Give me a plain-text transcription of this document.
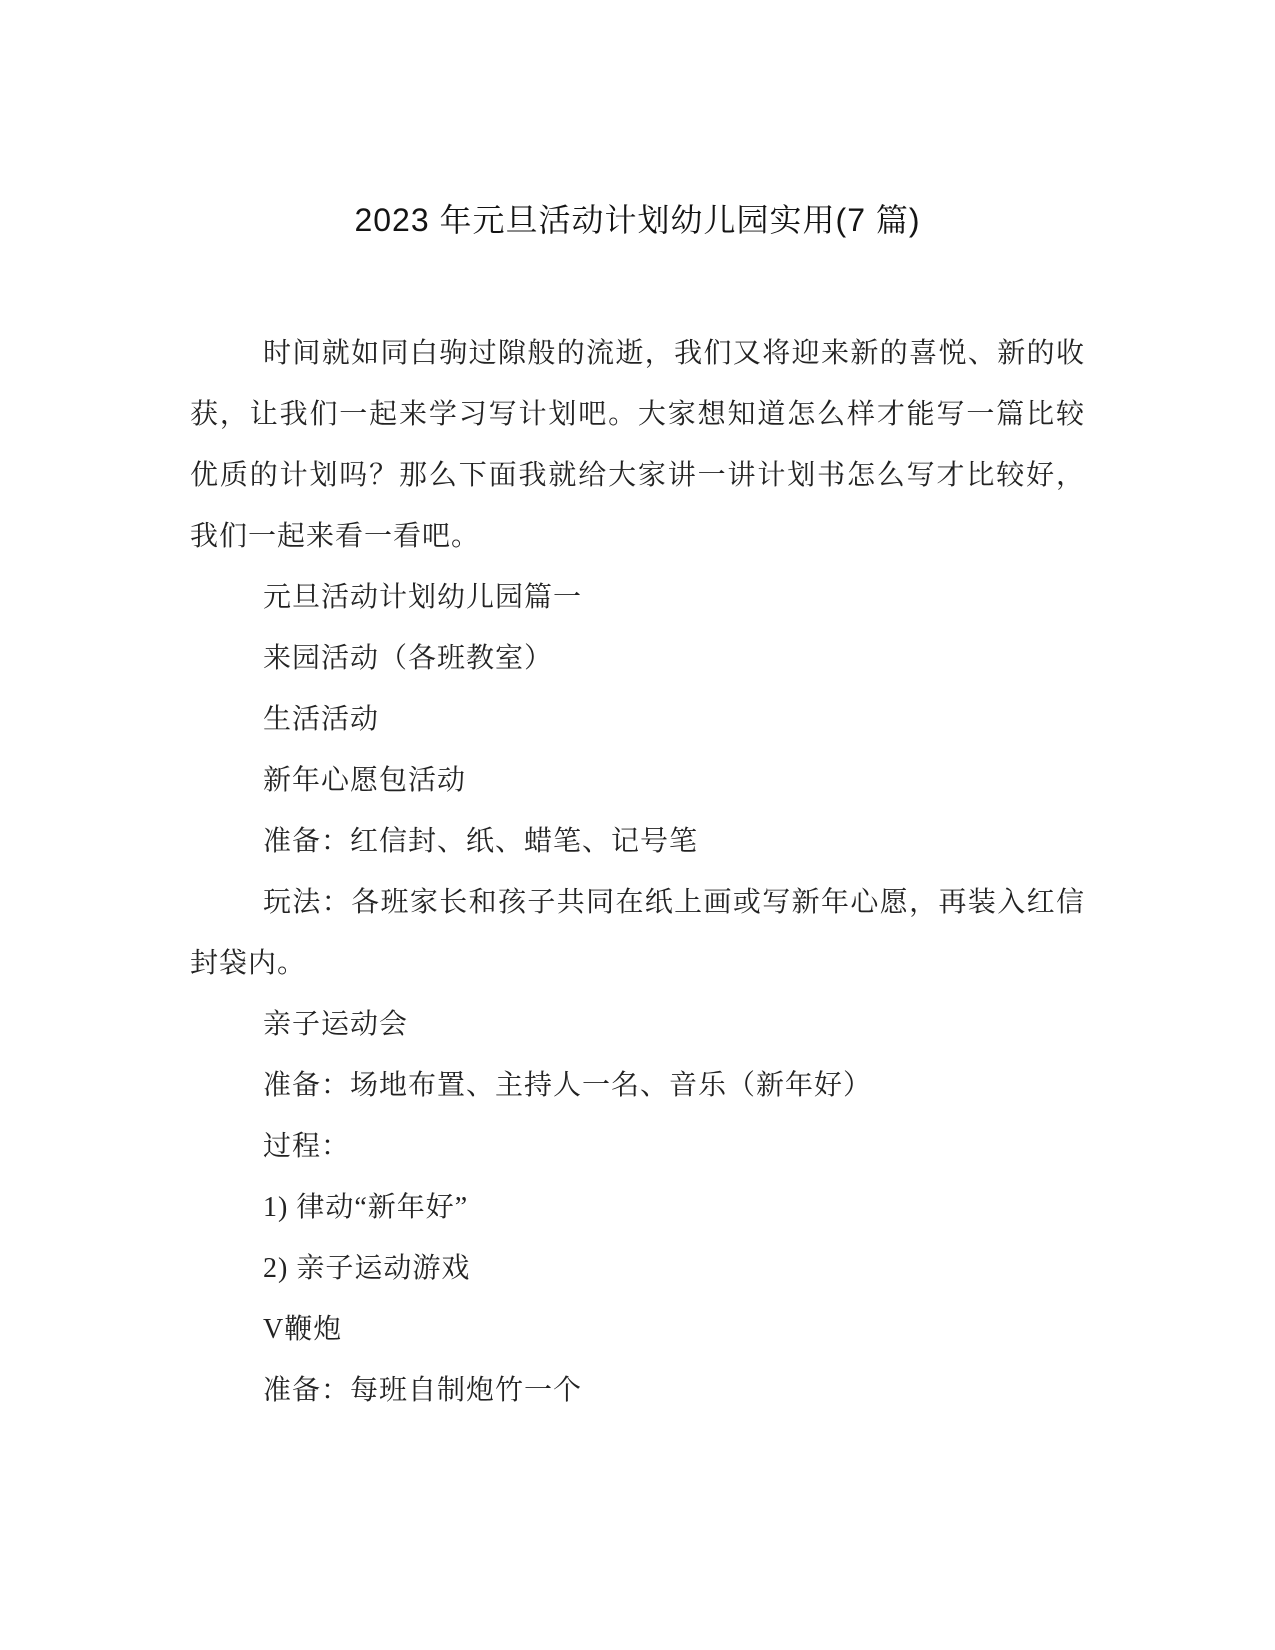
2023 年元旦活动计划幼儿园实用(7 篇)

时间就如同白驹过隙般的流逝，我们又将迎来新的喜悦、新的收获，让我们一起来学习写计划吧。大家想知道怎么样才能写一篇比较优质的计划吗？那么下面我就给大家讲一讲计划书怎么写才比较好，我们一起来看一看吧。

元旦活动计划幼儿园篇一

来园活动（各班教室）

生活活动

新年心愿包活动

准备：红信封、纸、蜡笔、记号笔

玩法：各班家长和孩子共同在纸上画或写新年心愿，再装入红信封袋内。

亲子运动会

准备：场地布置、主持人一名、音乐（新年好）

过程：

1) 律动“新年好”

2) 亲子运动游戏

V鞭炮

准备：每班自制炮竹一个
